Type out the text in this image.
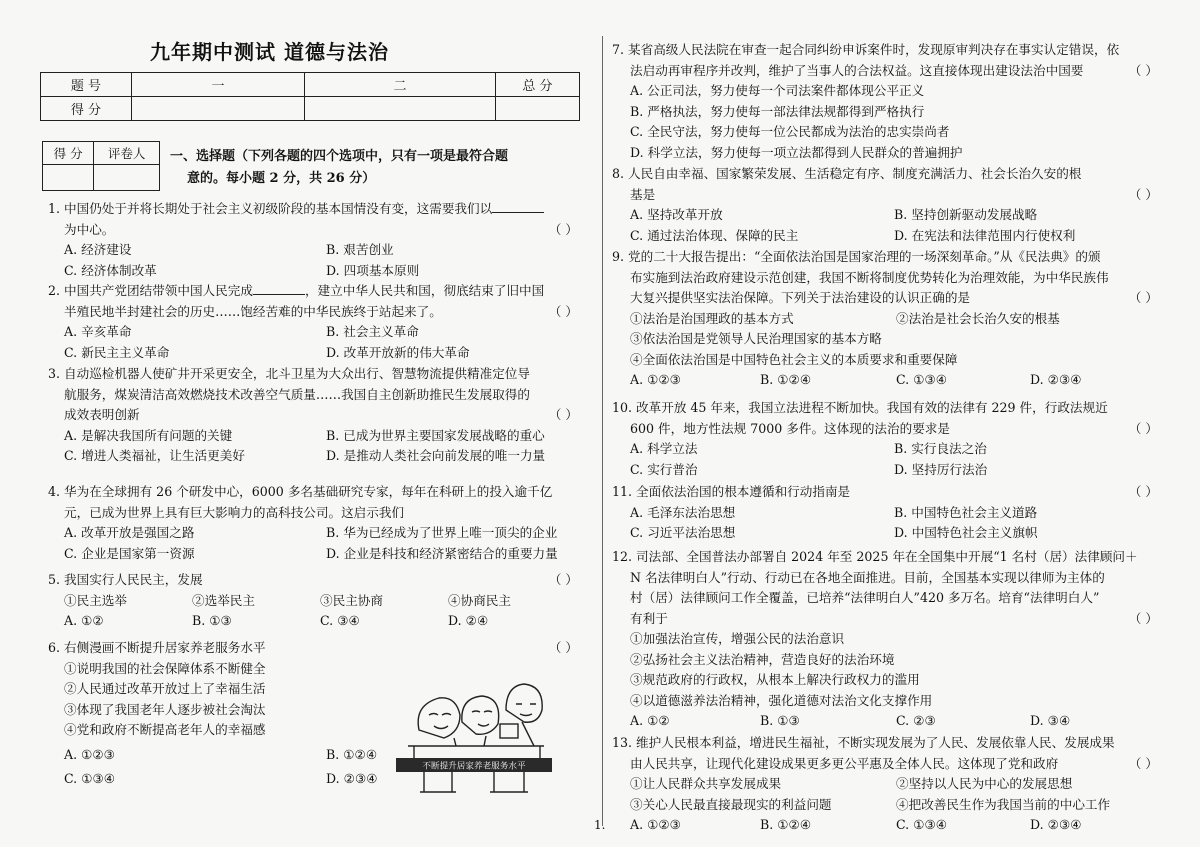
九年期中测试 道德与法治
题 号	一	二	总 分
得 分			
得 分	评卷人
	一、选择题（下列各题的四个选项中，只有一项是最符合题
意的。每小题 2 分，共 26 分）
1. 中国仍处于并将长期处于社会主义初级阶段的基本国情没有变，这需要我们以
为中心。	（ ）
A. 经济建设	B. 艰苦创业
C. 经济体制改革	D. 四项基本原则
2. 中国共产党团结带领中国人民完成	，建立中华人民共和国，彻底结束了旧中国
半殖民地半封建社会的历史……饱经苦难的中华民族终于站起来了。	（ ）
A. 辛亥革命	B. 社会主义革命
C. 新民主主义革命	D. 改革开放新的伟大革命
3. 自动巡检机器人使矿井开采更安全，北斗卫星为大众出行、智慧物流提供精准定位导
航服务，煤炭清洁高效燃烧技术改善空气质量……我国自主创新助推民生发展取得的
成效表明创新	（ ）
A. 是解决我国所有问题的关键	B. 已成为世界主要国家发展战略的重心
C. 增进人类福祉，让生活更美好	D. 是推动人类社会向前发展的唯一力量
4. 华为在全球拥有 26 个研发中心，6000 多名基础研究专家，每年在科研上的投入逾千亿
元，已成为世界上具有巨大影响力的高科技公司。这启示我们
A. 改革开放是强国之路	B. 华为已经成为了世界上唯一顶尖的企业
C. 企业是国家第一资源	D. 企业是科技和经济紧密结合的重要力量
5. 我国实行人民民主，发展	（ ）
①民主选举	②选举民主	③民主协商	④协商民主
A. ①②	B. ①③	C. ③④	D. ②④
6. 右侧漫画不断提升居家养老服务水平	（ ）
①说明我国的社会保障体系不断健全
②人民通过改革开放过上了幸福生活
③体现了我国老年人逐步被社会淘汰
④党和政府不断提高老年人的幸福感
A. ①②③	B. ①②④
C. ①③④	D. ②③④
不断提升居家养老服务水平
7. 某省高级人民法院在审查一起合同纠纷申诉案件时，发现原审判决存在事实认定错误，依
法启动再审程序并改判，维护了当事人的合法权益。这直接体现出建设法治中国要	（ ）
A. 公正司法，努力使每一个司法案件都体现公平正义
B. 严格执法，努力使每一部法律法规都得到严格执行
C. 全民守法，努力使每一位公民都成为法治的忠实崇尚者
D. 科学立法，努力使每一项立法都得到人民群众的普遍拥护
8. 人民自由幸福、国家繁荣发展、生活稳定有序、制度充满活力、社会长治久安的根
基是	（ ）
A. 坚持改革开放	B. 坚持创新驱动发展战略
C. 通过法治体现、保障的民主	D. 在宪法和法律范围内行使权利
9. 党的二十大报告提出：“全面依法治国是国家治理的一场深刻革命。”从《民法典》的颁
布实施到法治政府建设示范创建，我国不断将制度优势转化为治理效能，为中华民族伟
大复兴提供坚实法治保障。下列关于法治建设的认识正确的是	（ ）
①法治是治国理政的基本方式	②法治是社会长治久安的根基
③依法治国是党领导人民治理国家的基本方略
④全面依法治国是中国特色社会主义的本质要求和重要保障
A. ①②③	B. ①②④	C. ①③④	D. ②③④
10. 改革开放 45 年来，我国立法进程不断加快。我国有效的法律有 229 件，行政法规近
600 件，地方性法规 7000 多件。这体现的法治的要求是	（ ）
A. 科学立法	B. 实行良法之治
C. 实行普治	D. 坚持厉行法治
11. 全面依法治国的根本遵循和行动指南是	（ ）
A. 毛泽东法治思想	B. 中国特色社会主义道路
C. 习近平法治思想	D. 中国特色社会主义旗帜
12. 司法部、全国普法办部署自 2024 年至 2025 年在全国集中开展“1 名村（居）法律顾问＋
N 名法律明白人”行动、行动已在各地全面推进。目前，全国基本实现以律师为主体的
村（居）法律顾问工作全覆盖，已培养“法律明白人”420 多万名。培育“法律明白人”
有利于	（ ）
①加强法治宣传，增强公民的法治意识
②弘扬社会主义法治精神，营造良好的法治环境
③规范政府的行政权，从根本上解决行政权力的滥用
④以道德滋养法治精神，强化道德对法治文化支撑作用
A. ①②	B. ①③	C. ②③	D. ③④
13. 维护人民根本利益，增进民生福祉，不断实现发展为了人民、发展依靠人民、发展成果
由人民共享，让现代化建设成果更多更公平惠及全体人民。这体现了党和政府	（ ）
①让人民群众共享发展成果	②坚持以人民为中心的发展思想
③关心人民最直接最现实的利益问题	④把改善民生作为我国当前的中心工作
A. ①②③	B. ①②④	C. ①③④	D. ②③④
1.
